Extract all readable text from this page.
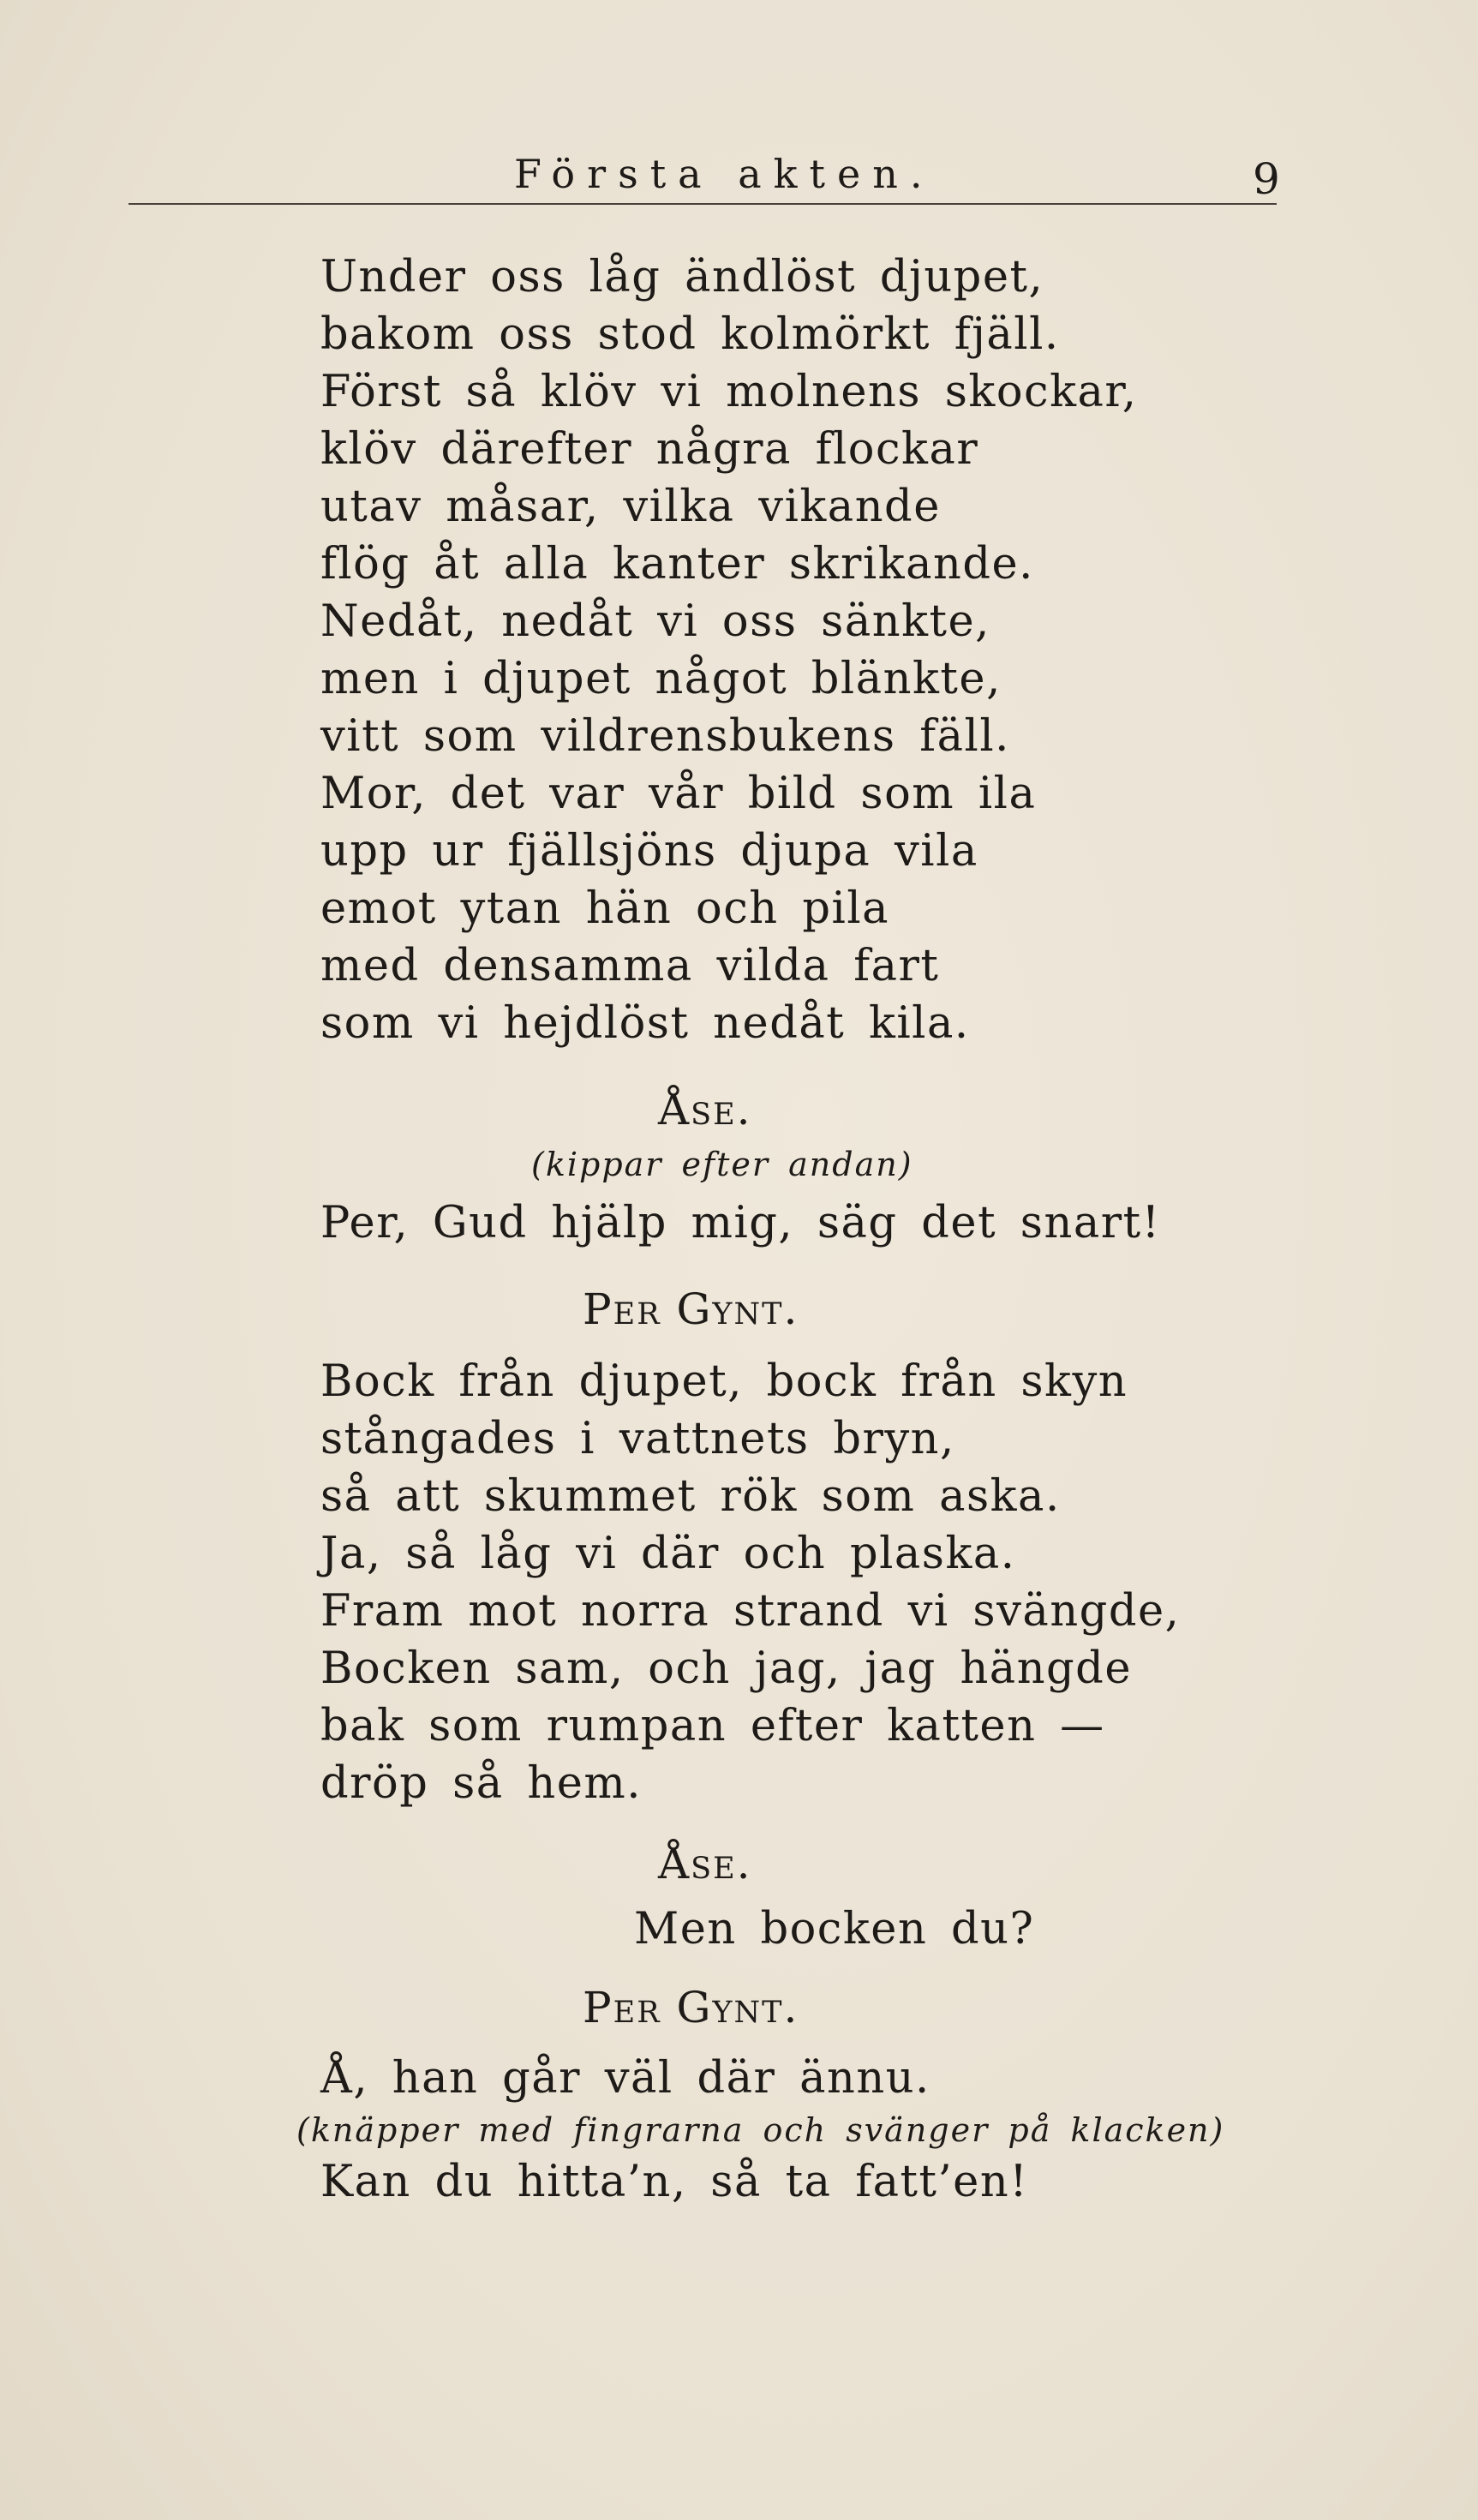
Första akten.	9
Under oss låg ändlöst djupet,
bakom oss stod kolmörkt fjäll.
Först så klöv vi molnens skockar,
klöv därefter några flockar
utav måsar, vilka vikande
flög åt alla kanter skrikande.
Nedåt, nedåt vi oss sänkte,
men i djupet något blänkte,
vitt som vildrensbukens fäll.
Mor, det var vår bild som ila
upp ur fjällsjöns djupa vila
emot ytan hän och pila
med densamma vilda fart
som vi hejdlöst nedåt kila.
Åse.
(kippar efter andan)
Per, Gud hjälp mig, säg det snart!
Per Gynt.
Bock från djupet, bock från skyn
stångades i vattnets bryn,
så att skummet rök som aska.
Ja, så låg vi där och plaska.
Fram mot norra strand vi svängde,
Bocken sam, och jag, jag hängde
bak som rumpan efter katten —
dröp så hem.
Åse.
Men bocken du?
Per Gynt.
Å, han går väl där ännu.
(knäpper med fingrarna och svänger på klacken)
Kan du hitta’n, så ta fatt’en!
